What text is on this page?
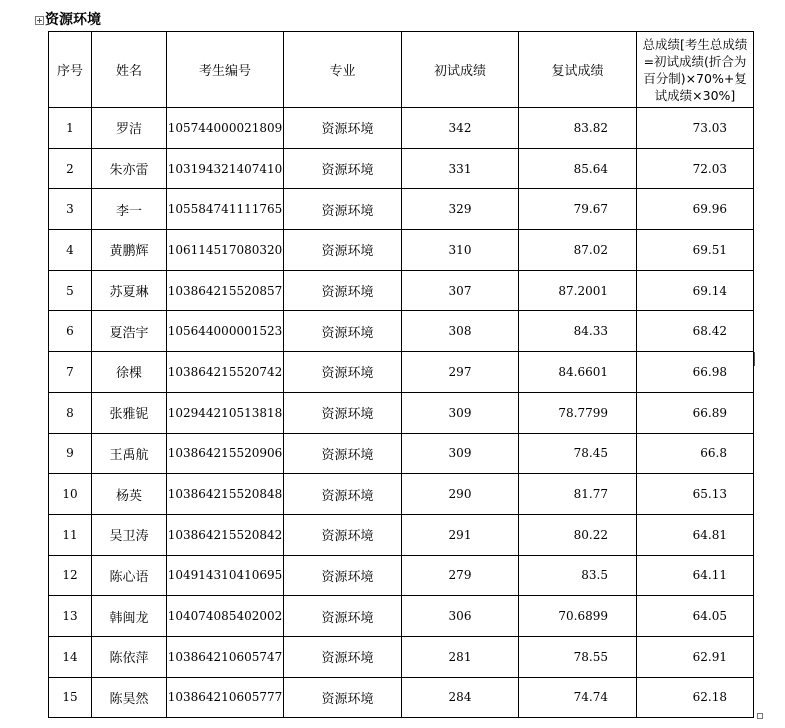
资源环境
序号	姓名	考生编号	专业	初试成绩	复试成绩	总成绩[考生总成绩=初试成绩(折合为百分制)×70%+复试成绩×30%]
1	罗洁	105744000021809	资源环境	342	83.82	73.03
2	朱亦雷	103194321407410	资源环境	331	85.64	72.03
3	李一	105584741111765	资源环境	329	79.67	69.96
4	黄鹏辉	106114517080320	资源环境	310	87.02	69.51
5	苏夏琳	103864215520857	资源环境	307	87.2001	69.14
6	夏浩宇	105644000001523	资源环境	308	84.33	68.42
7	徐棵	103864215520742	资源环境	297	84.6601	66.98
8	张雅铌	102944210513818	资源环境	309	78.7799	66.89
9	王禹航	103864215520906	资源环境	309	78.45	66.8
10	杨英	103864215520848	资源环境	290	81.77	65.13
11	吴卫涛	103864215520842	资源环境	291	80.22	64.81
12	陈心语	104914310410695	资源环境	279	83.5	64.11
13	韩闽龙	104074085402002	资源环境	306	70.6899	64.05
14	陈依萍	103864210605747	资源环境	281	78.55	62.91
15	陈昊然	103864210605777	资源环境	284	74.74	62.18
